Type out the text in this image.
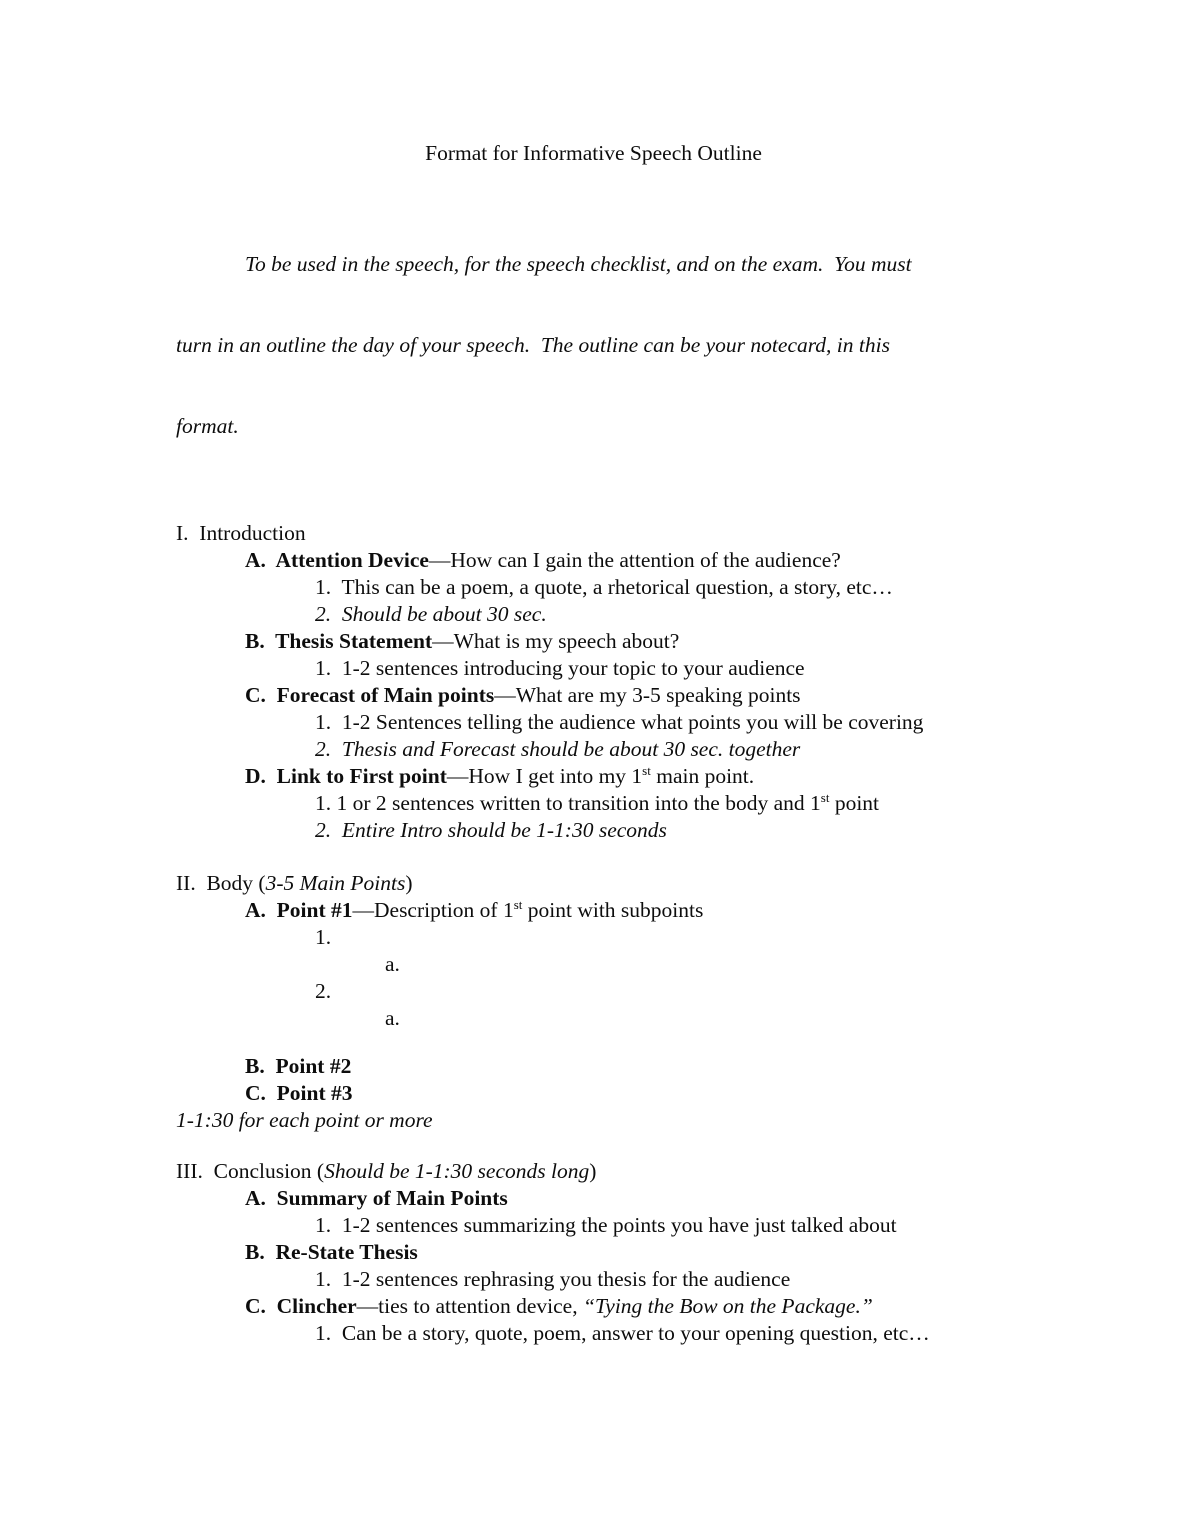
Format for Informative Speech Outline

To be used in the speech, for the speech checklist, and on the exam.  You must

turn in an outline the day of your speech.  The outline can be your notecard, in this

format.

I.  Introduction
A.  Attention Device—How can I gain the attention of the audience?
1.  This can be a poem, a quote, a rhetorical question, a story, etc…
2.  Should be about 30 sec.
B.  Thesis Statement—What is my speech about?
1.  1-2 sentences introducing your topic to your audience
C.  Forecast of Main points—What are my 3-5 speaking points
1.  1-2 Sentences telling the audience what points you will be covering
2.  Thesis and Forecast should be about 30 sec. together
D.  Link to First point—How I get into my 1st main point.
1. 1 or 2 sentences written to transition into the body and 1st point
2.  Entire Intro should be 1-1:30 seconds
II.  Body (3-5 Main Points)
A.  Point #1—Description of 1st point with subpoints
1.
a.
2.
a.
B.  Point #2
C.  Point #3
1-1:30 for each point or more
III.  Conclusion (Should be 1-1:30 seconds long)
A.  Summary of Main Points
1.  1-2 sentences summarizing the points you have just talked about
B.  Re-State Thesis
1.  1-2 sentences rephrasing you thesis for the audience
C.  Clincher—ties to attention device, “Tying the Bow on the Package.”
1.  Can be a story, quote, poem, answer to your opening question, etc…
